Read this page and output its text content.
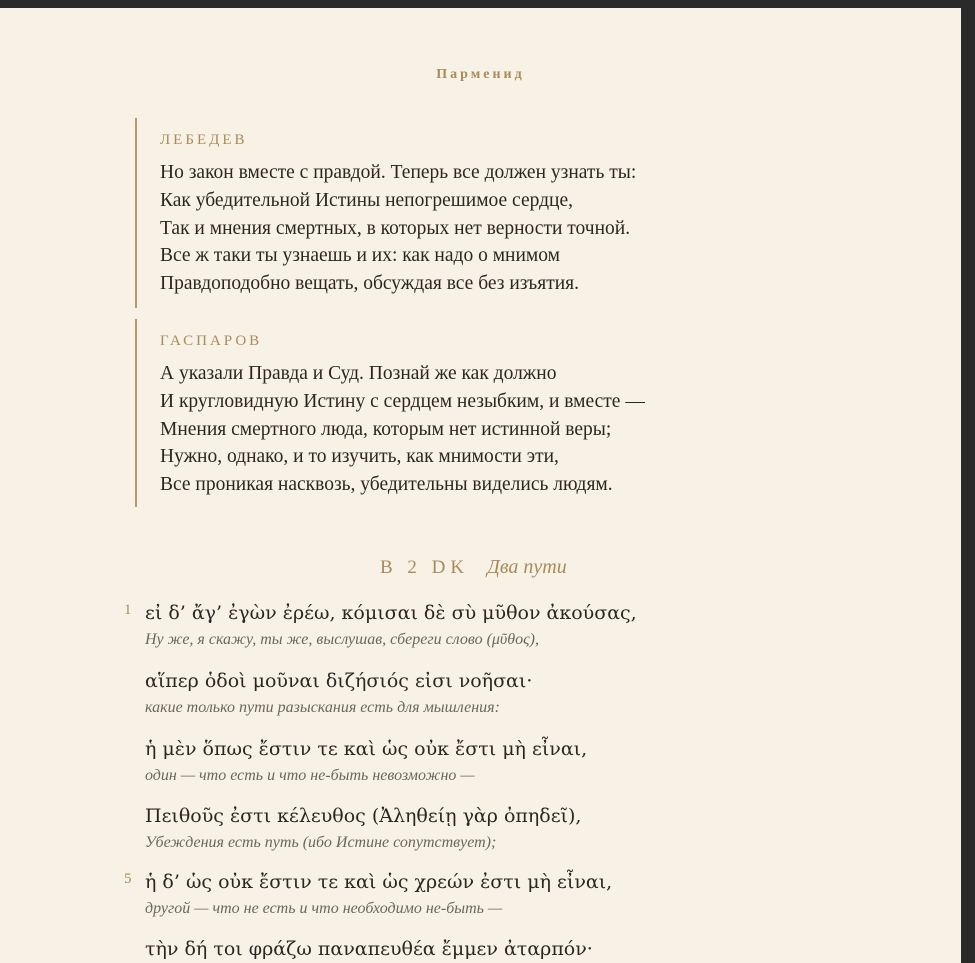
Парменид
ЛЕБЕДЕВ
Но закон вместе с правдой. Теперь все должен узнать ты:
Как убедительной Истины непогрешимое сердце,
Так и мнения смертных, в которых нет верности точной.
Все ж таки ты узнаешь и их: как надо о мнимом
Правдоподобно вещать, обсуждая все без изъятия.
ГАСПАРОВ
А указали Правда и Суд. Познай же как должно
И кругловидную Истину с сердцем незыбким, и вместе —
Мнения смертного люда, которым нет истинной веры;
Нужно, однако, и то изучить, как мнимости эти,
Все проникая насквозь, убедительны виделись людям.
B 2 DK Два пути
1 εἰ δ’ ἄγ’ ἐγὼν ἐρέω, κόμισαι δὲ σὺ μῦθον ἀκούσας,
Ну же, я скажу, ты же, выслушав, сбереги слово (μῦθος),
αἵπερ ὁδοὶ μοῦναι διζήσιός εἰσι νοῆσαι·
какие только пути разыскания есть для мышления:
ἡ μὲν ὅπως ἔστιν τε καὶ ὡς οὐκ ἔστι μὴ εἶναι,
один — что есть и что не-быть невозможно —
Πειθοῦς ἐστι κέλευθος (Ἀληθείῃ γὰρ ὀπηδεῖ),
Убеждения есть путь (ибо Истине сопутствует);
5 ἡ δ’ ὡς οὐκ ἔστιν τε καὶ ὡς χρεών ἐστι μὴ εἶναι,
другой — что не есть и что необходимо не-быть —
τὴν δή τοι φράζω παναπευθέα ἔμμεν ἀταρπόν·
